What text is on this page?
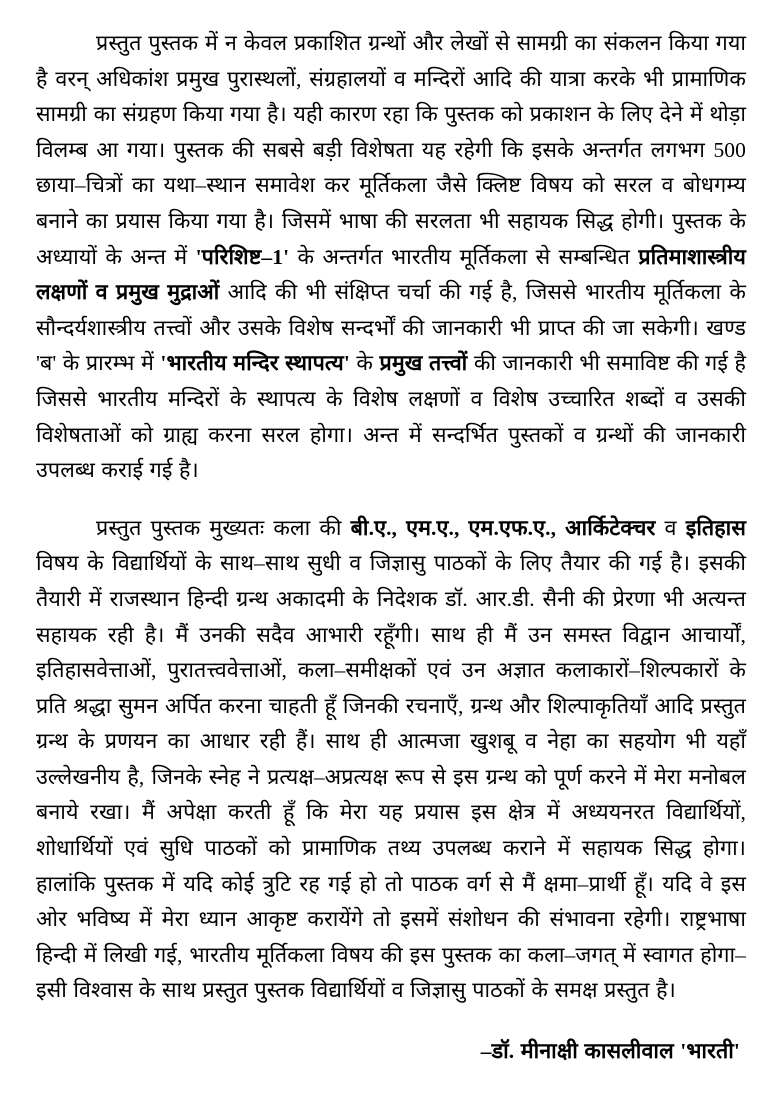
प्रस्तुत पुस्तक में न केवल प्रकाशित ग्रन्थों और लेखों से सामग्री का संकलन किया गया है वरन् अधिकांश प्रमुख पुरास्थलों, संग्रहालयों व मन्दिरों आदि की यात्रा करके भी प्रामाणिक सामग्री का संग्रहण किया गया है। यही कारण रहा कि पुस्तक को प्रकाशन के लिए देने में थोड़ा विलम्ब आ गया। पुस्तक की सबसे बड़ी विशेषता यह रहेगी कि इसके अन्तर्गत लगभग 500 छाया–चित्रों का यथा–स्थान समावेश कर मूर्तिकला जैसे क्लिष्ट विषय को सरल व बोधगम्य बनाने का प्रयास किया गया है। जिसमें भाषा की सरलता भी सहायक सिद्ध होगी। पुस्तक के अध्यायों के अन्त में 'परिशिष्ट–1' के अन्तर्गत भारतीय मूर्तिकला से सम्बन्धित प्रतिमाशास्त्रीय लक्षणों व प्रमुख मुद्राओं आदि की भी संक्षिप्त चर्चा की गई है, जिससे भारतीय मूर्तिकला के सौन्दर्यशास्त्रीय तत्त्वों और उसके विशेष सन्दर्भों की जानकारी भी प्राप्त की जा सकेगी। खण्ड 'ब' के प्रारम्भ में 'भारतीय मन्दिर स्थापत्य' के प्रमुख तत्त्वों की जानकारी भी समाविष्ट की गई है जिससे भारतीय मन्दिरों के स्थापत्य के विशेष लक्षणों व विशेष उच्चारित शब्दों व उसकी विशेषताओं को ग्राह्य करना सरल होगा। अन्त में सन्दर्भित पुस्तकों व ग्रन्थों की जानकारी उपलब्ध कराई गई है।

प्रस्तुत पुस्तक मुख्यतः कला की बी.ए., एम.ए., एम.एफ.ए., आर्किटेक्चर व इतिहास विषय के विद्यार्थियों के साथ–साथ सुधी व जिज्ञासु पाठकों के लिए तैयार की गई है। इसकी तैयारी में राजस्थान हिन्दी ग्रन्थ अकादमी के निदेशक डॉ. आर.डी. सैनी की प्रेरणा भी अत्यन्त सहायक रही है। मैं उनकी सदैव आभारी रहूँगी। साथ ही मैं उन समस्त विद्वान आचार्यों, इतिहासवेत्ताओं, पुरातत्त्ववेत्ताओं, कला–समीक्षकों एवं उन अज्ञात कलाकारों–शिल्पकारों के प्रति श्रद्धा सुमन अर्पित करना चाहती हूँ जिनकी रचनाएँ, ग्रन्थ और शिल्पाकृतियाँ आदि प्रस्तुत ग्रन्थ के प्रणयन का आधार रही हैं। साथ ही आत्मजा खुशबू व नेहा का सहयोग भी यहाँ उल्लेखनीय है, जिनके स्नेह ने प्रत्यक्ष–अप्रत्यक्ष रूप से इस ग्रन्थ को पूर्ण करने में मेरा मनोबल बनाये रखा। मैं अपेक्षा करती हूँ कि मेरा यह प्रयास इस क्षेत्र में अध्ययनरत विद्यार्थियों, शोधार्थियों एवं सुधि पाठकों को प्रामाणिक तथ्य उपलब्ध कराने में सहायक सिद्ध होगा। हालांकि पुस्तक में यदि कोई त्रुटि रह गई हो तो पाठक वर्ग से मैं क्षमा–प्रार्थी हूँ। यदि वे इस ओर भविष्य में मेरा ध्यान आकृष्ट करायेंगे तो इसमें संशोधन की संभावना रहेगी। राष्ट्रभाषा हिन्दी में लिखी गई, भारतीय मूर्तिकला विषय की इस पुस्तक का कला–जगत् में स्वागत होगा– इसी विश्वास के साथ प्रस्तुत पुस्तक विद्यार्थियों व जिज्ञासु पाठकों के समक्ष प्रस्तुत है।

–डॉ. मीनाक्षी कासलीवाल 'भारती'
